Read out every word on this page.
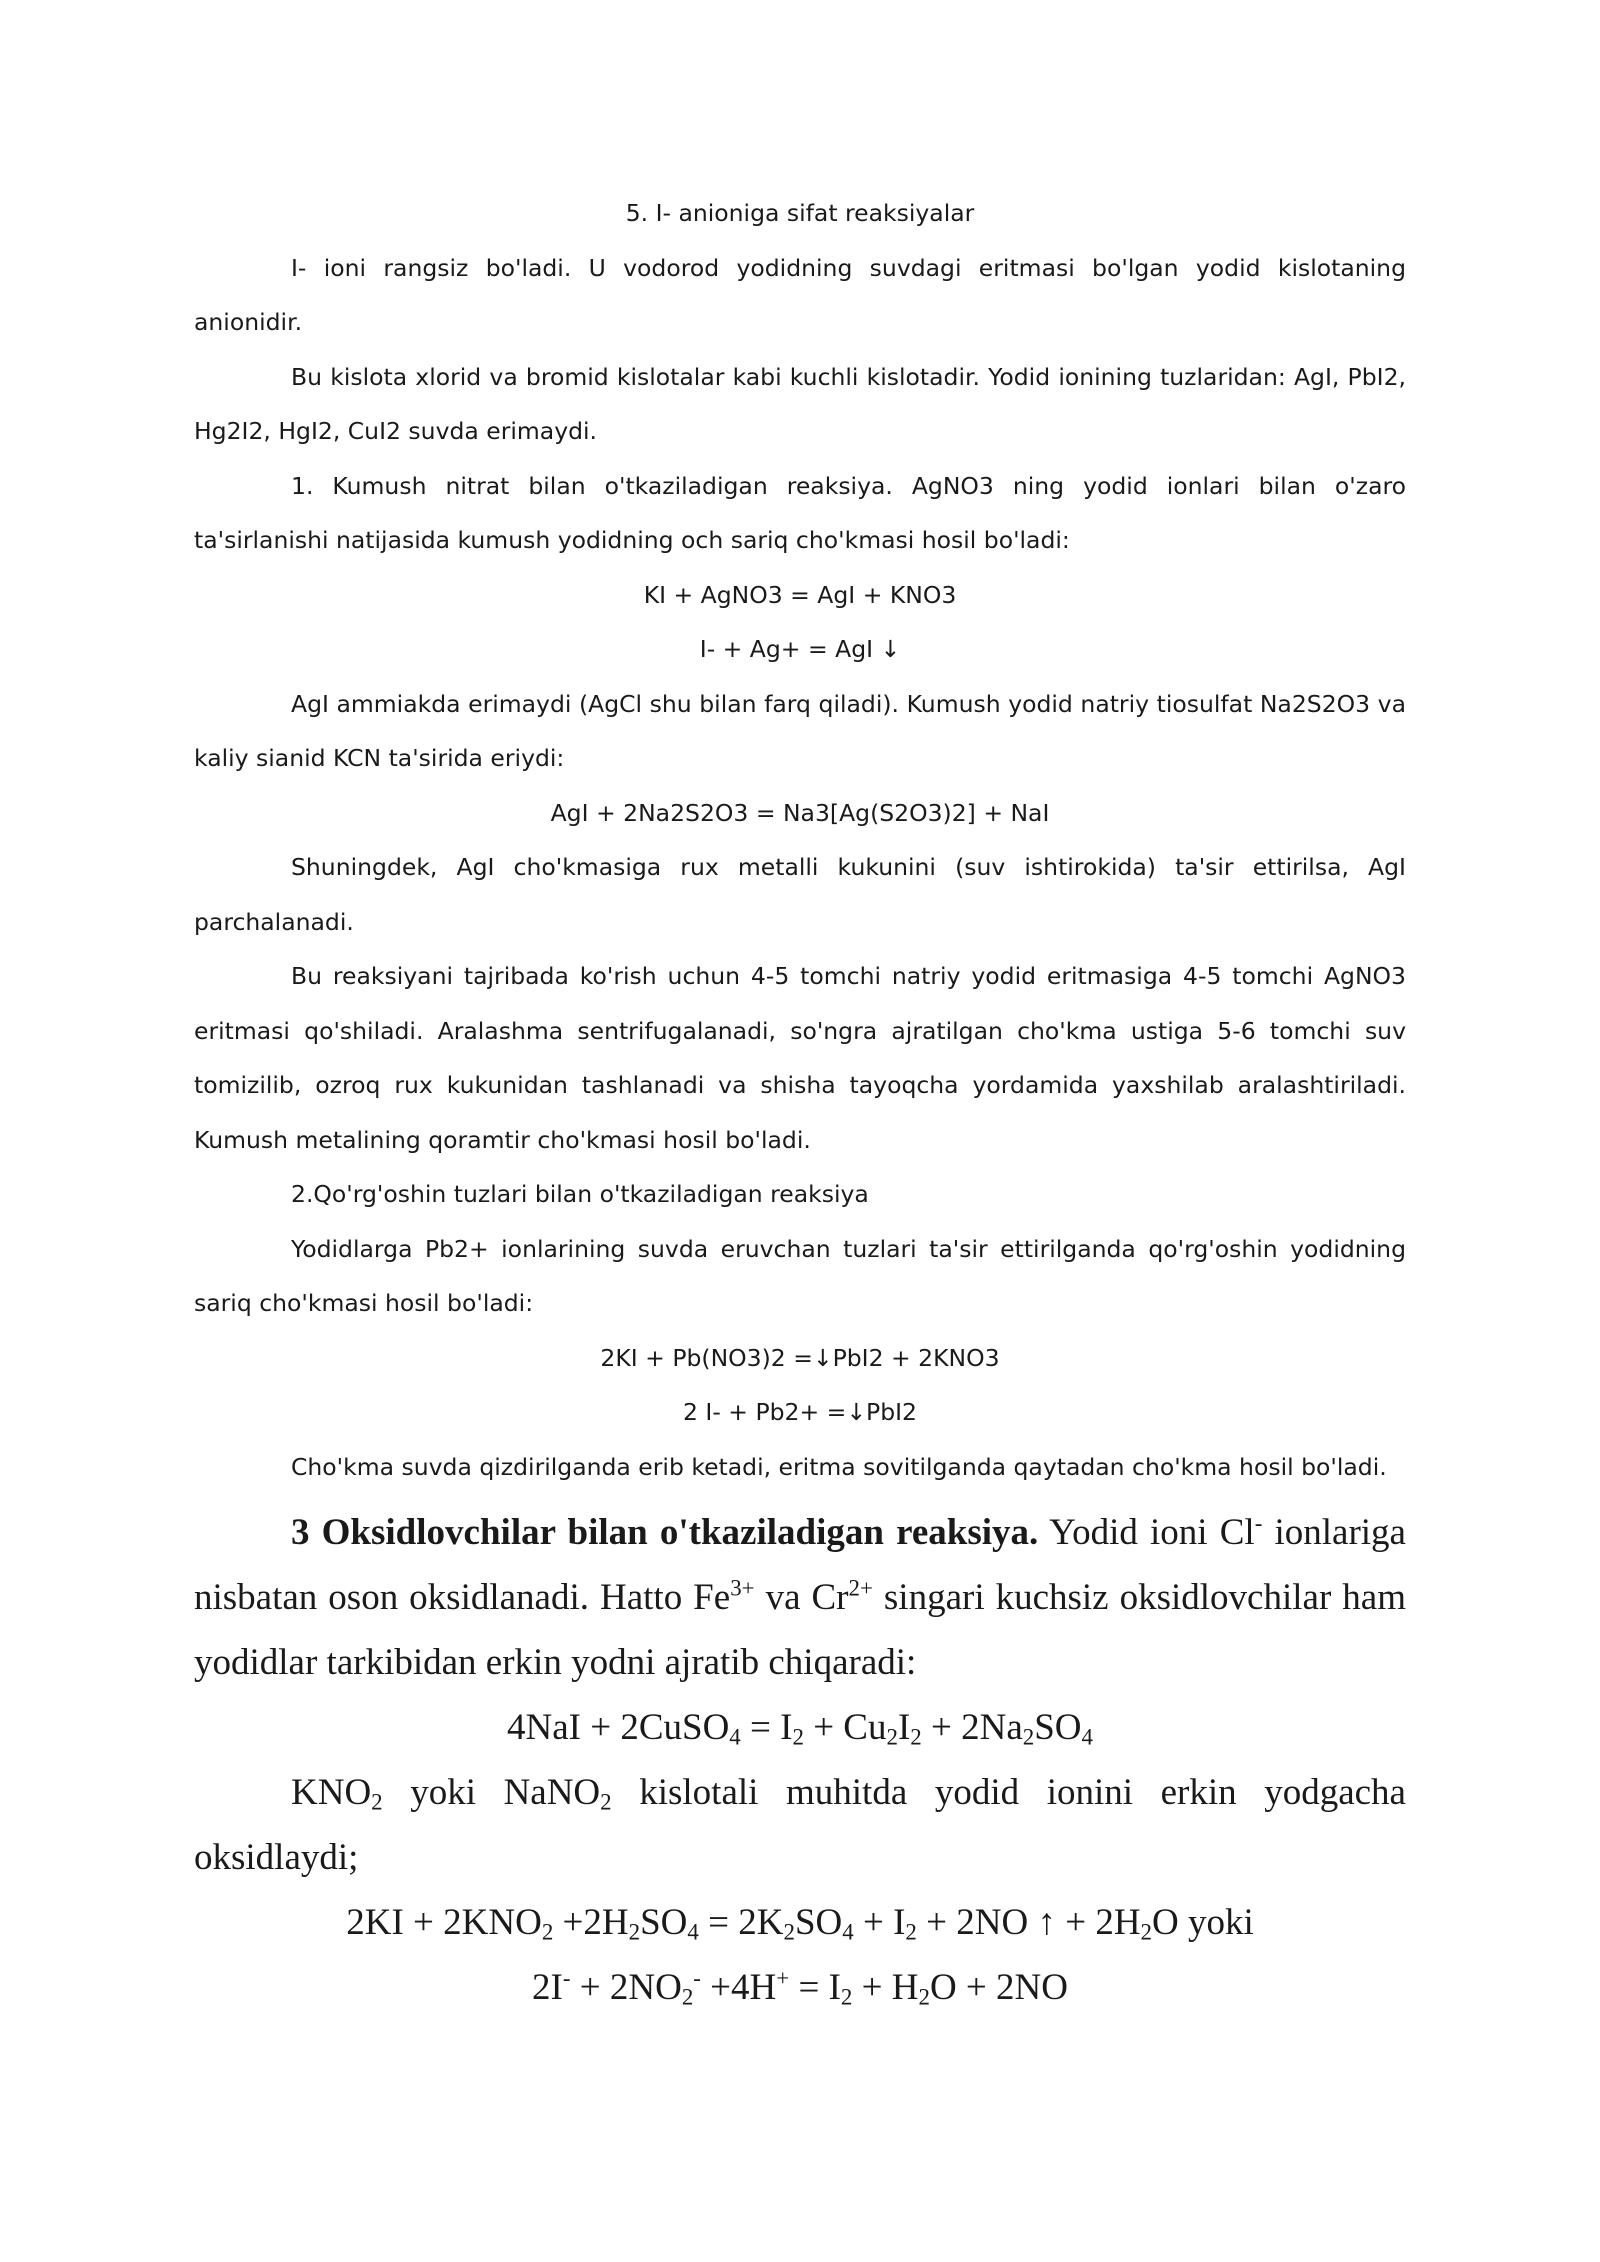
5. I- anioniga sifat reaksiyalar

I- ioni rangsiz bo'ladi. U vodorod yodidning suvdagi eritmasi bo'lgan yodid kislotaning anionidir.

Bu kislota xlorid va bromid kislotalar kabi kuchli kislotadir. Yodid ionining tuzlaridan: AgI, PbI2, Hg2I2, HgI2, CuI2 suvda erimaydi.

1. Kumush nitrat bilan o'tkaziladigan reaksiya. AgNO3 ning yodid ionlari bilan o'zaro ta'sirlanishi natijasida kumush yodidning och sariq cho'kmasi hosil bo'ladi:

KI + AgNO3 = AgI + KNO3

I- + Ag+ = AgI ↓

AgI ammiakda erimaydi (AgCl shu bilan farq qiladi). Kumush yodid natriy tiosulfat Na2S2O3 va kaliy sianid KCN ta'sirida eriydi:

AgI + 2Na2S2O3 = Na3[Ag(S2O3)2] + NaI

Shuningdek, AgI cho'kmasiga rux metalli kukunini (suv ishtirokida) ta'sir ettirilsa, AgI parchalanadi.

Bu reaksiyani tajribada ko'rish uchun 4-5 tomchi natriy yodid eritmasiga 4-5 tomchi AgNO3 eritmasi qo'shiladi. Aralashma sentrifugalanadi, so'ngra ajratilgan cho'kma ustiga 5-6 tomchi suv tomizilib, ozroq rux kukunidan tashlanadi va shisha tayoqcha yordamida yaxshilab aralashtiriladi. Kumush metalining qoramtir cho'kmasi hosil bo'ladi.

2.Qo'rg'oshin tuzlari bilan o'tkaziladigan reaksiya

Yodidlarga Pb2+ ionlarining suvda eruvchan tuzlari ta'sir ettirilganda qo'rg'oshin yodidning sariq cho'kmasi hosil bo'ladi:

2KI + Pb(NO3)2 =↓PbI2 + 2KNO3

2 I- + Pb2+ =↓PbI2

Cho'kma suvda qizdirilganda erib ketadi, eritma sovitilganda qaytadan cho'kma hosil bo'ladi.

3 Oksidlovchilar bilan o'tkaziladigan reaksiya. Yodid ioni Cl- ionlariga nisbatan oson oksidlanadi. Hatto $Fe^{3+}$ va $Cr^{2+}$ singari kuchsiz oksidlovchilar ham yodidlar tarkibidan erkin yodni ajratib chiqaradi:

4NaI + 2CuSO$_4$ = $I_2 + Cu_2I_2 + 2Na_2SO_4$

$KNO_2$ yoki NaNO$_2$ kislotali muhitda yodid ionini erkin yodgacha oksidlaydi;

$2KI + 2KNO_2 +2H_2SO_4 = 2K_2SO_4 + I_2 + 2NO$ ↑ + $2H_2O$ yoki

$2I^- + 2NO_2^- +4H^+ = I_2 + H_2O + 2NO$
